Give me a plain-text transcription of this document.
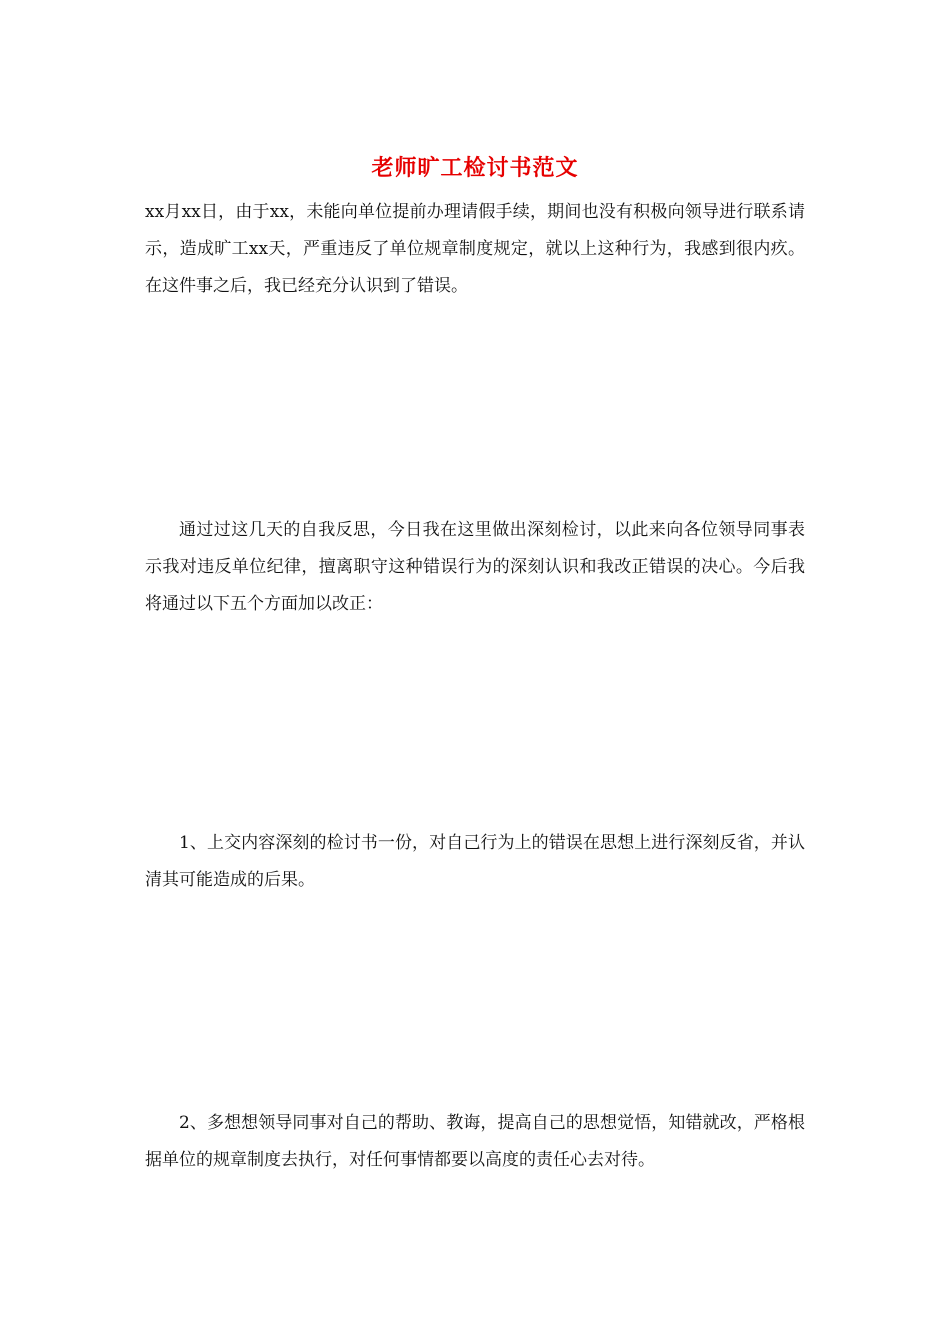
老师旷工检讨书范文

xx月xx日，由于xx，未能向单位提前办理请假手续，期间也没有积极向领导进行联系请示，造成旷工xx天，严重违反了单位规章制度规定，就以上这种行为，我感到很内疚。在这件事之后，我已经充分认识到了错误。

通过过这几天的自我反思，今日我在这里做出深刻检讨，以此来向各位领导同事表示我对违反单位纪律，擅离职守这种错误行为的深刻认识和我改正错误的决心。今后我将通过以下五个方面加以改正：

1、上交内容深刻的检讨书一份，对自己行为上的错误在思想上进行深刻反省，并认清其可能造成的后果。

2、多想想领导同事对自己的帮助、教诲，提高自己的思想觉悟，知错就改，严格根据单位的规章制度去执行，对任何事情都要以高度的责任心去对待。
